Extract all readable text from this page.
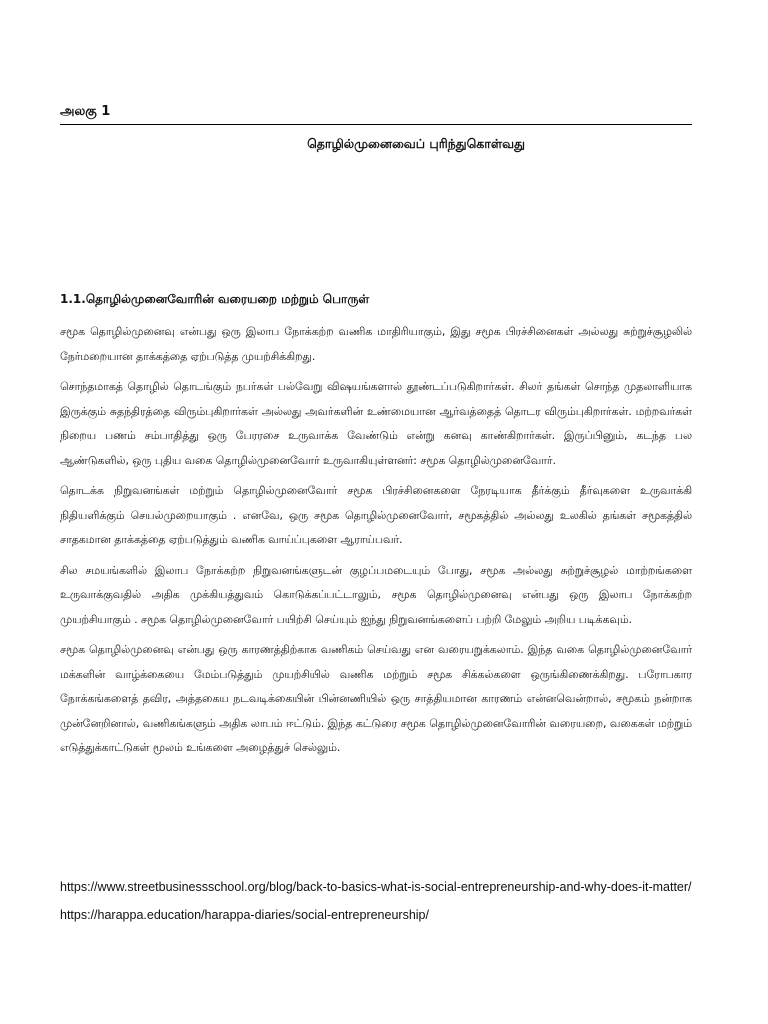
அலகு 1
தொழில்முனைவைப் புரிந்துகொள்வது
1.1.தொழில்முனைவோரின் வரையறை மற்றும் பொருள்

சமூக தொழில்முனைவு என்பது ஒரு இலாப நோக்கற்ற வணிக மாதிரியாகும், இது சமூக பிரச்சினைகள் அல்லது சுற்றுச்சூழலில் நேர்மறையான தாக்கத்தை ஏற்படுத்த முயற்சிக்கிறது.

சொந்தமாகத் தொழில் தொடங்கும் நபர்கள் பல்வேறு விஷயங்களால் தூண்டப்படுகிறார்கள். சிலர் தங்கள் சொந்த முதலாளியாக இருக்கும் சுதந்திரத்தை விரும்புகிறார்கள் அல்லது அவர்களின் உண்மையான ஆர்வத்தைத் தொடர விரும்புகிறார்கள். மற்றவர்கள் நிறைய பணம் சம்பாதித்து ஒரு பேரரசை உருவாக்க வேண்டும் என்று கனவு காண்கிறார்கள். இருப்பினும், கடந்த பல ஆண்டுகளில், ஒரு புதிய வகை தொழில்முனைவோர் உருவாகியுள்ளனர்: சமூக தொழில்முனைவோர்.

தொடக்க நிறுவனங்கள் மற்றும் தொழில்முனைவோர் சமூக பிரச்சினைகளை நேரடியாக தீர்க்கும் தீர்வுகளை உருவாக்கி நிதியளிக்கும் செயல்முறையாகும் . எனவே, ஒரு சமூக தொழில்முனைவோர், சமூகத்தில் அல்லது உலகில் தங்கள் சமூகத்தில் சாதகமான தாக்கத்தை ஏற்படுத்தும் வணிக வாய்ப்புகளை ஆராய்பவர்.

சில சமயங்களில் இலாப நோக்கற்ற நிறுவனங்களுடன் குழப்பமடையும் போது, சமூக அல்லது சுற்றுச்சூழல் மாற்றங்களை உருவாக்குவதில் அதிக முக்கியத்துவம் கொடுக்கப்பட்டாலும், சமூக தொழில்முனைவு என்பது ஒரு இலாப நோக்கற்ற முயற்சியாகும் . சமூக தொழில்முனைவோர் பயிற்சி செய்யும் ஐந்து நிறுவனங்களைப் பற்றி மேலும் அறிய படிக்கவும்.

சமூக தொழில்முனைவு என்பது ஒரு காரணத்திற்காக வணிகம் செய்வது என வரையறுக்கலாம். இந்த வகை தொழில்முனைவோர் மக்களின் வாழ்க்கையை மேம்படுத்தும் முயற்சியில் வணிக மற்றும் சமூக சிக்கல்களை ஒருங்கிணைக்கிறது. பரோபகார நோக்கங்களைத் தவிர, அத்தகைய நடவடிக்கையின் பின்னணியில் ஒரு சாத்தியமான காரணம் என்னவென்றால், சமூகம் நன்றாக முன்னேறினால், வணிகங்களும் அதிக லாபம் ஈட்டும். இந்த கட்டுரை சமூக தொழில்முனைவோரின் வரையறை, வகைகள் மற்றும் எடுத்துக்காட்டுகள் மூலம் உங்களை அழைத்துச் செல்லும்.

https://www.streetbusinessschool.org/blog/back-to-basics-what-is-social-entrepreneurship-and-why-does-it-matter/
https://harappa.education/harappa-diaries/social-entrepreneurship/
